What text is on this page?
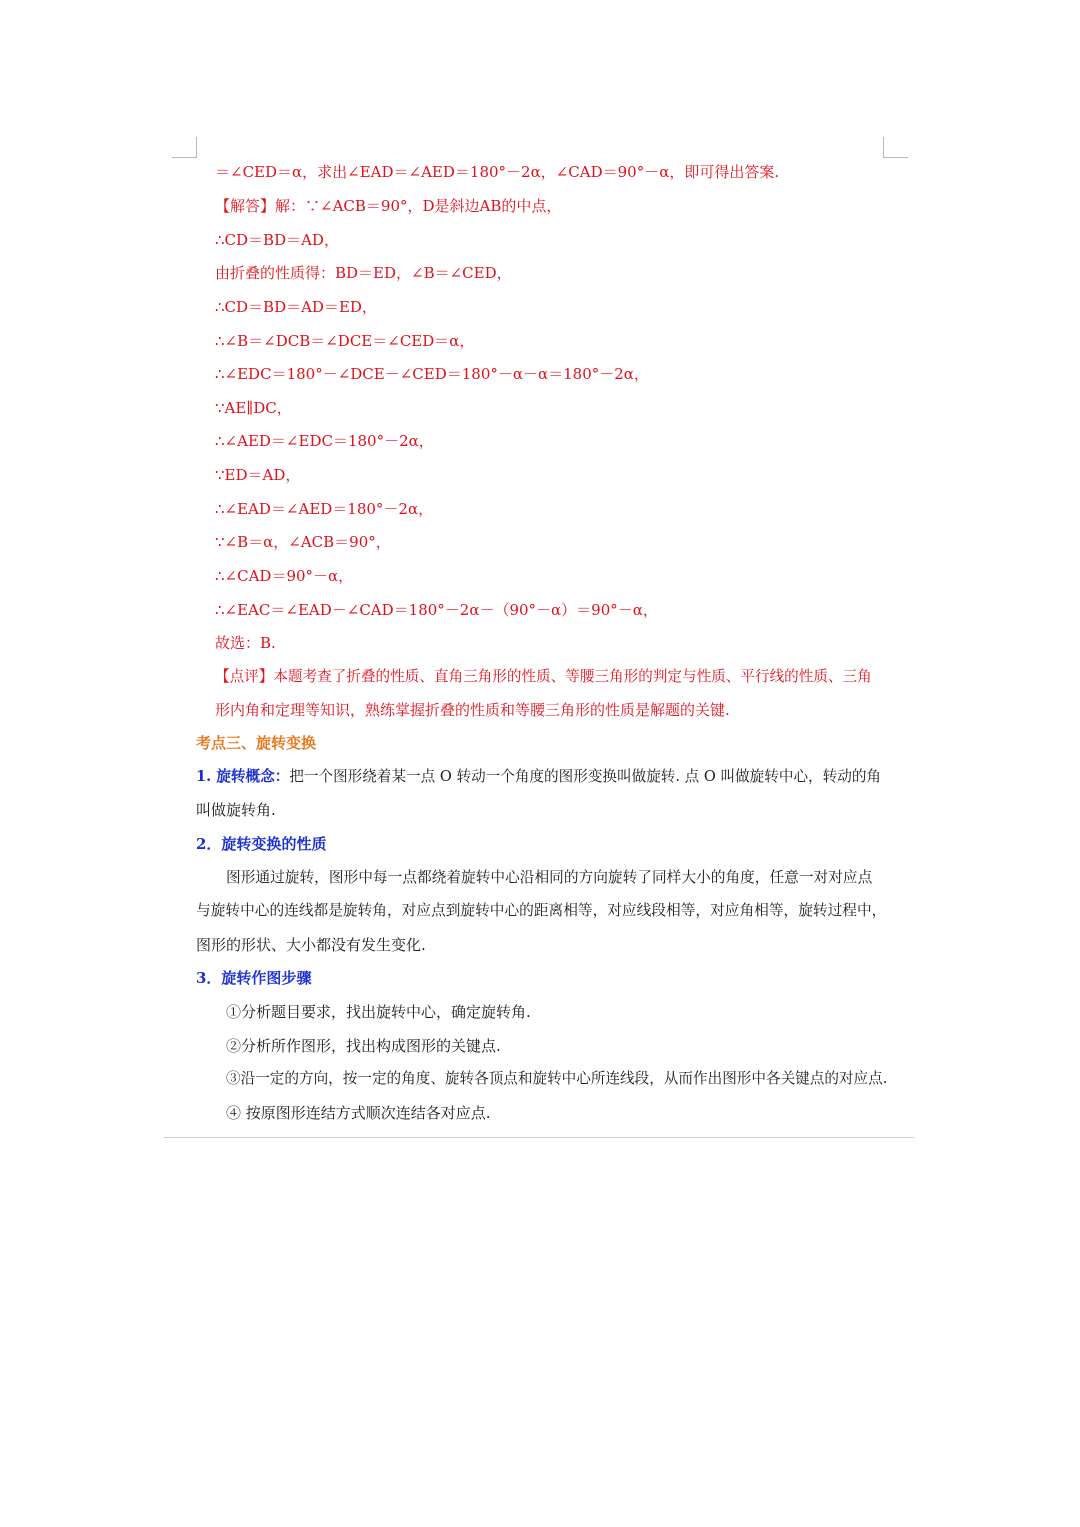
＝∠CED＝α，求出∠EAD＝∠AED＝180°－2α，∠CAD＝90°－α，即可得出答案.
【解答】解：∵∠ACB＝90°，D是斜边AB的中点，
∴CD＝BD＝AD，
由折叠的性质得：BD＝ED，∠B＝∠CED，
∴CD＝BD＝AD＝ED，
∴∠B＝∠DCB＝∠DCE＝∠CED＝α，
∴∠EDC＝180°－∠DCE－∠CED＝180°－α－α＝180°－2α，
∵AE∥DC，
∴∠AED＝∠EDC＝180°－2α，
∵ED＝AD，
∴∠EAD＝∠AED＝180°－2α，
∵∠B＝α，∠ACB＝90°，
∴∠CAD＝90°－α，
∴∠EAC＝∠EAD－∠CAD＝180°－2α－（90°－α）＝90°－α，
故选：B.
【点评】本题考查了折叠的性质、直角三角形的性质、等腰三角形的判定与性质、平行线的性质、三角
形内角和定理等知识，熟练掌握折叠的性质和等腰三角形的性质是解题的关键.
考点三、旋转变换
1. 旋转概念：把一个图形绕着某一点 O 转动一个角度的图形变换叫做旋转. 点 O 叫做旋转中心，转动的角
叫做旋转角.
2．旋转变换的性质
图形通过旋转，图形中每一点都绕着旋转中心沿相同的方向旋转了同样大小的角度，任意一对对应点
与旋转中心的连线都是旋转角，对应点到旋转中心的距离相等，对应线段相等，对应角相等，旋转过程中，
图形的形状、大小都没有发生变化.
3．旋转作图步骤
①分析题目要求，找出旋转中心，确定旋转角.
②分析所作图形，找出构成图形的关键点.
③沿一定的方向，按一定的角度、旋转各顶点和旋转中心所连线段，从而作出图形中各关键点的对应点.
④ 按原图形连结方式顺次连结各对应点.
